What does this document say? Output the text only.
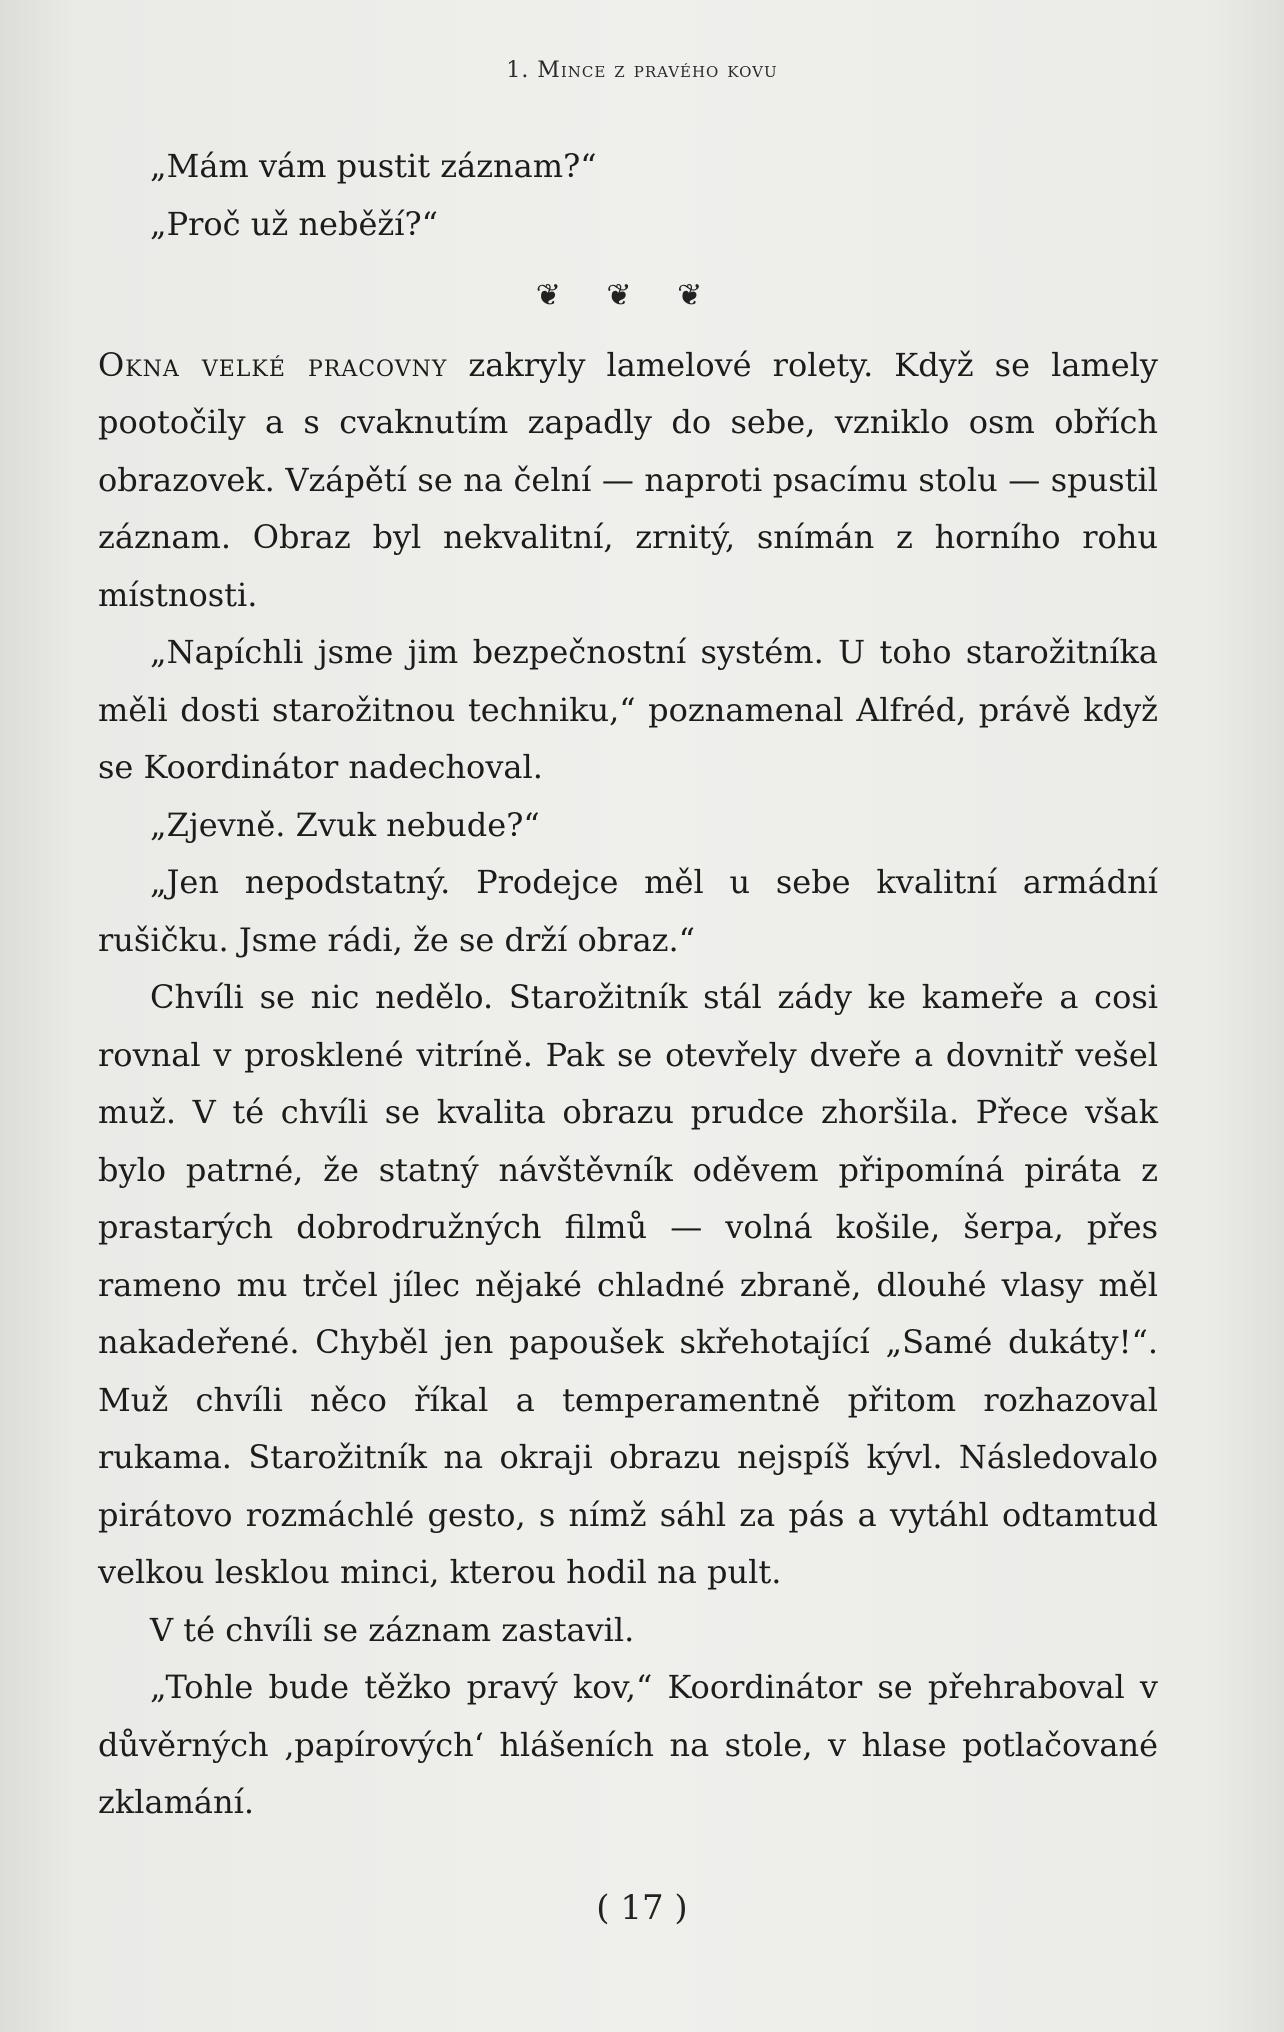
1. Mince z pravého kovu

„Mám vám pustit záznam?“

„Proč už neběží?“

❦ ❦ ❦

Okna velké pracovny zakryly lamelové rolety. Když se lamely pootočily a s cvaknutím zapadly do sebe, vzniklo osm obřích obrazovek. Vzápětí se na čelní — naproti psacímu stolu — spustil záznam. Obraz byl nekvalitní, zrnitý, snímán z horního rohu místnosti.

„Napíchli jsme jim bezpečnostní systém. U toho starožitníka měli dosti starožitnou techniku,“ poznamenal Alfréd, právě když se Koordinátor nadechoval.

„Zjevně. Zvuk nebude?“

„Jen nepodstatný. Prodejce měl u sebe kvalitní armádní rušičku. Jsme rádi, že se drží obraz.“

Chvíli se nic nedělo. Starožitník stál zády ke kameře a cosi rovnal v prosklené vitríně. Pak se otevřely dveře a dovnitř vešel muž. V té chvíli se kvalita obrazu prudce zhoršila. Přece však bylo patrné, že statný návštěvník oděvem připomíná piráta z prastarých dobrodružných filmů — volná košile, šerpa, přes rameno mu trčel jílec nějaké chladné zbraně, dlouhé vlasy měl nakadeřené. Chyběl jen papoušek skřehotající „Samé dukáty!“. Muž chvíli něco říkal a temperamentně přitom rozhazoval rukama. Starožitník na okraji obrazu nejspíš kývl. Následovalo pirátovo rozmáchlé gesto, s nímž sáhl za pás a vytáhl odtamtud velkou lesklou minci, kterou hodil na pult.

V té chvíli se záznam zastavil.

„Tohle bude těžko pravý kov,“ Koordinátor se přehraboval v důvěrných ‚papírových‘ hlášeních na stole, v hlase potlačované zklamání.

( 17 )
